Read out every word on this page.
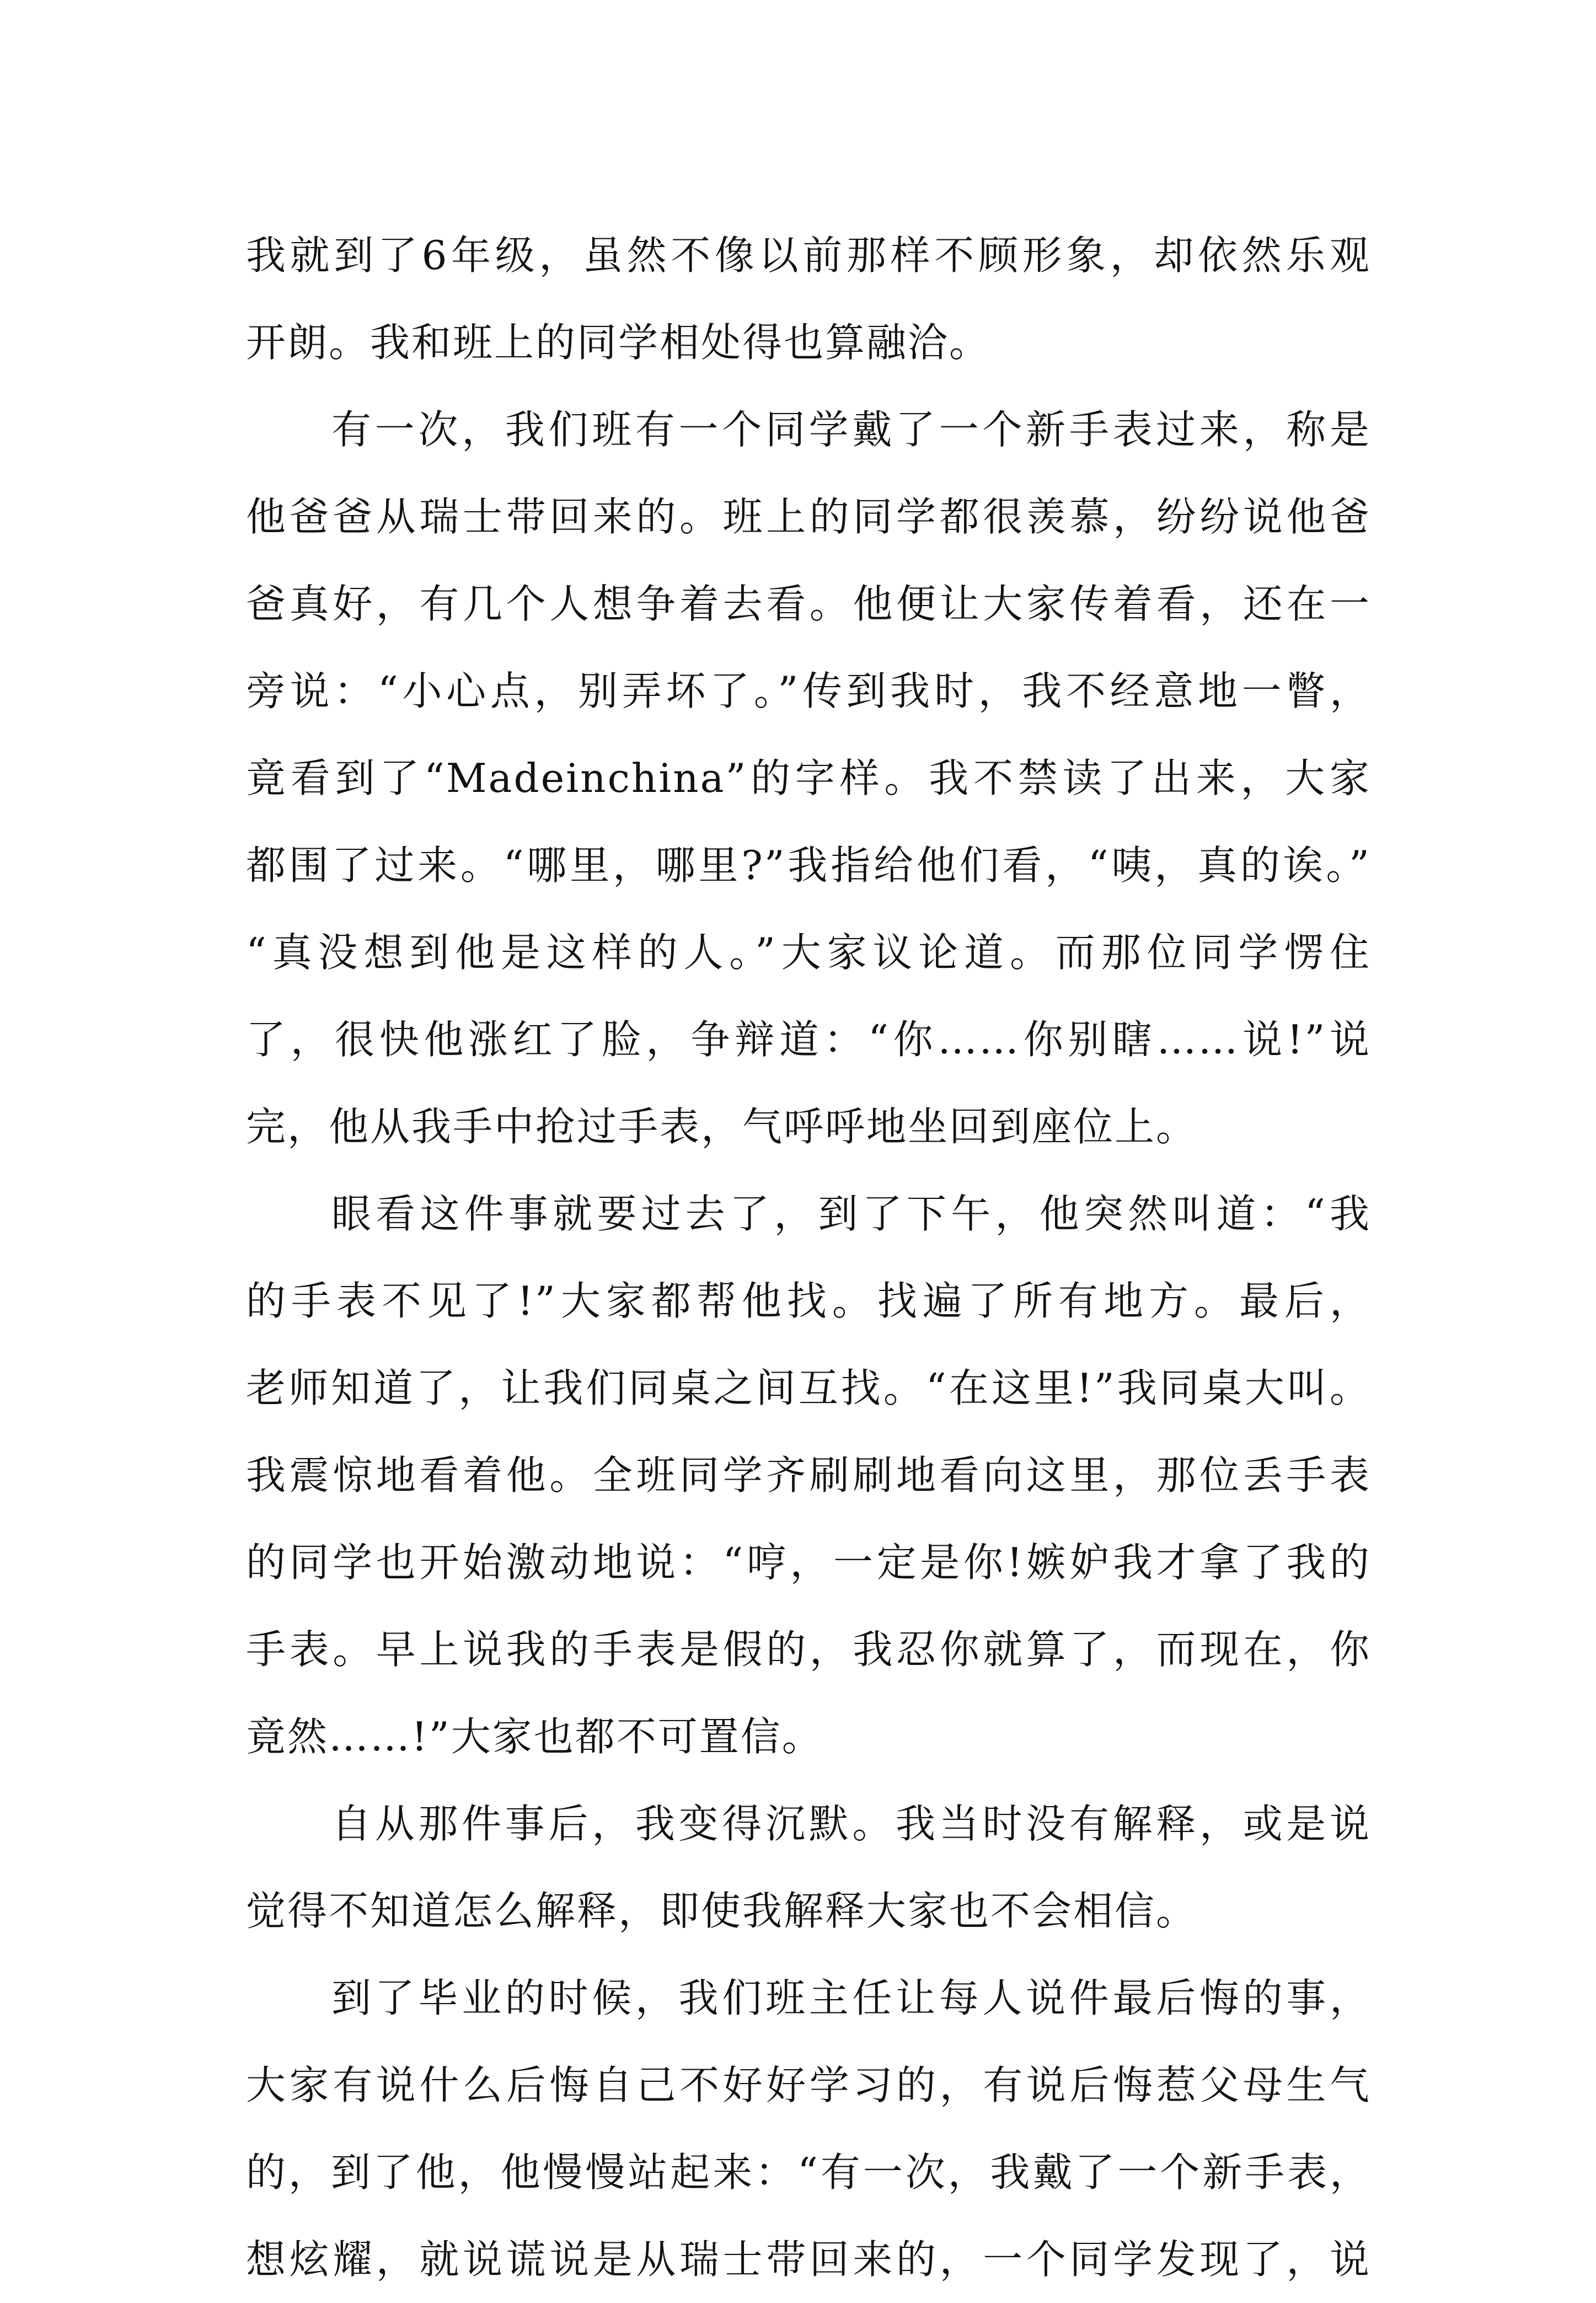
我就到了6年级，虽然不像以前那样不顾形象，却依然乐观
开朗。我和班上的同学相处得也算融洽。
有一次，我们班有一个同学戴了一个新手表过来，称是
他爸爸从瑞士带回来的。班上的同学都很羡慕，纷纷说他爸
爸真好，有几个人想争着去看。他便让大家传着看，还在一
旁说：“小心点，别弄坏了。”传到我时，我不经意地一瞥，
竟看到了“Madeinchina”的字样。我不禁读了出来，大家
都围了过来。“哪里，哪里?”我指给他们看，“咦，真的诶。”
“真没想到他是这样的人。”大家议论道。而那位同学愣住
了，很快他涨红了脸，争辩道：“你……你别瞎……说!”说
完，他从我手中抢过手表，气呼呼地坐回到座位上。
眼看这件事就要过去了，到了下午，他突然叫道：“我
的手表不见了!”大家都帮他找。找遍了所有地方。最后，
老师知道了，让我们同桌之间互找。“在这里!”我同桌大叫。
我震惊地看着他。全班同学齐刷刷地看向这里，那位丢手表
的同学也开始激动地说：“哼，一定是你!嫉妒我才拿了我的
手表。早上说我的手表是假的，我忍你就算了，而现在，你
竟然……!”大家也都不可置信。
自从那件事后，我变得沉默。我当时没有解释，或是说
觉得不知道怎么解释，即使我解释大家也不会相信。
到了毕业的时候，我们班主任让每人说件最后悔的事，
大家有说什么后悔自己不好好学习的，有说后悔惹父母生气
的，到了他，他慢慢站起来：“有一次，我戴了一个新手表，
想炫耀，就说谎说是从瑞士带回来的，一个同学发现了，说
